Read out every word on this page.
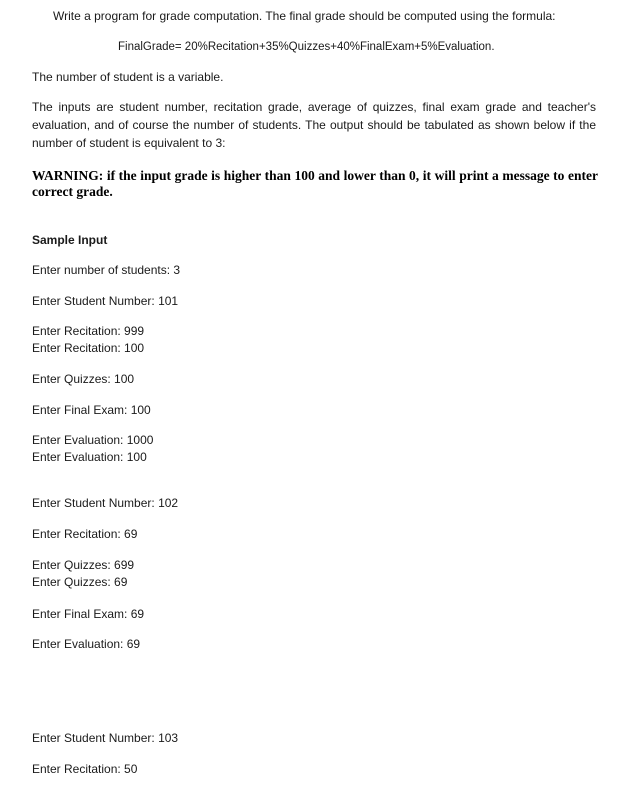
Write a program for grade computation. The final grade should be computed using the formula:
FinalGrade= 20%Recitation+35%Quizzes+40%FinalExam+5%Evaluation.
The number of student is a variable.
The inputs are student number, recitation grade, average of quizzes, final exam grade and teacher's evaluation, and of course the number of students. The output should be tabulated as shown below if the number of student is equivalent to 3:
WARNING: if the input grade is higher than 100 and lower than 0, it will print a message to enter correct grade.
Sample Input
Enter number of students: 3
Enter Student Number: 101
Enter Recitation: 999
Enter Recitation: 100
Enter Quizzes: 100
Enter Final Exam: 100
Enter Evaluation: 1000
Enter Evaluation: 100
Enter Student Number: 102
Enter Recitation: 69
Enter Quizzes: 699
Enter Quizzes: 69
Enter Final Exam: 69
Enter Evaluation: 69
Enter Student Number: 103
Enter Recitation: 50
